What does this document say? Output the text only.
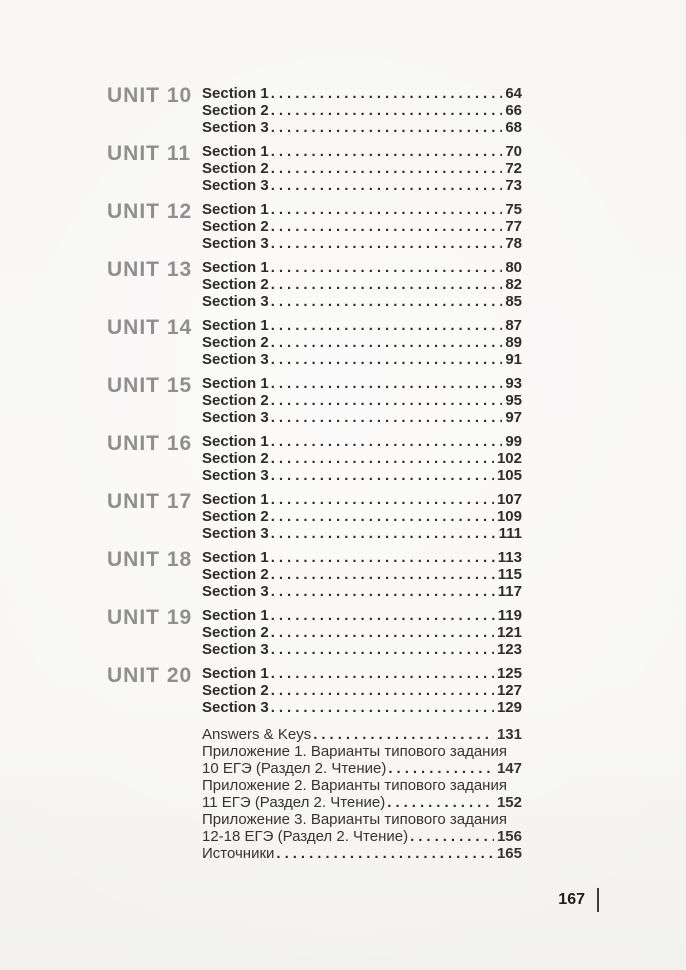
UNIT 10 Section 1 .....	64
Section 2 .....	66
Section 3 .....	68
UNIT 11 Section 1 .....	70
Section 2 .....	72
Section 3 .....	73
UNIT 12 Section 1 .....	75
Section 2 .....	77
Section 3 .....	78
UNIT 13 Section 1 .....	80
Section 2 .....	82
Section 3 .....	85
UNIT 14 Section 1 .....	87
Section 2 .....	89
Section 3 .....	91
UNIT 15 Section 1 .....	93
Section 2 .....	95
Section 3 .....	97
UNIT 16 Section 1 .....	99
Section 2 .....	102
Section 3 .....	105
UNIT 17 Section 1 .....	107
Section 2 .....	109
Section 3 .....	111
UNIT 18 Section 1 .....	113
Section 2 .....	115
Section 3 .....	117
UNIT 19 Section 1 .....	119
Section 2 .....	121
Section 3 .....	123
UNIT 20 Section 1 .....	125
Section 2 .....	127
Section 3 .....	129
Answers & Keys .....	131
Приложение 1. Варианты типового задания
10 ЕГЭ (Раздел 2. Чтение) .....	147
Приложение 2. Варианты типового задания
11 ЕГЭ (Раздел 2. Чтение) .....	152
Приложение 3. Варианты типового задания
12-18 ЕГЭ (Раздел 2. Чтение) .....	156
Источники .....	165
167
